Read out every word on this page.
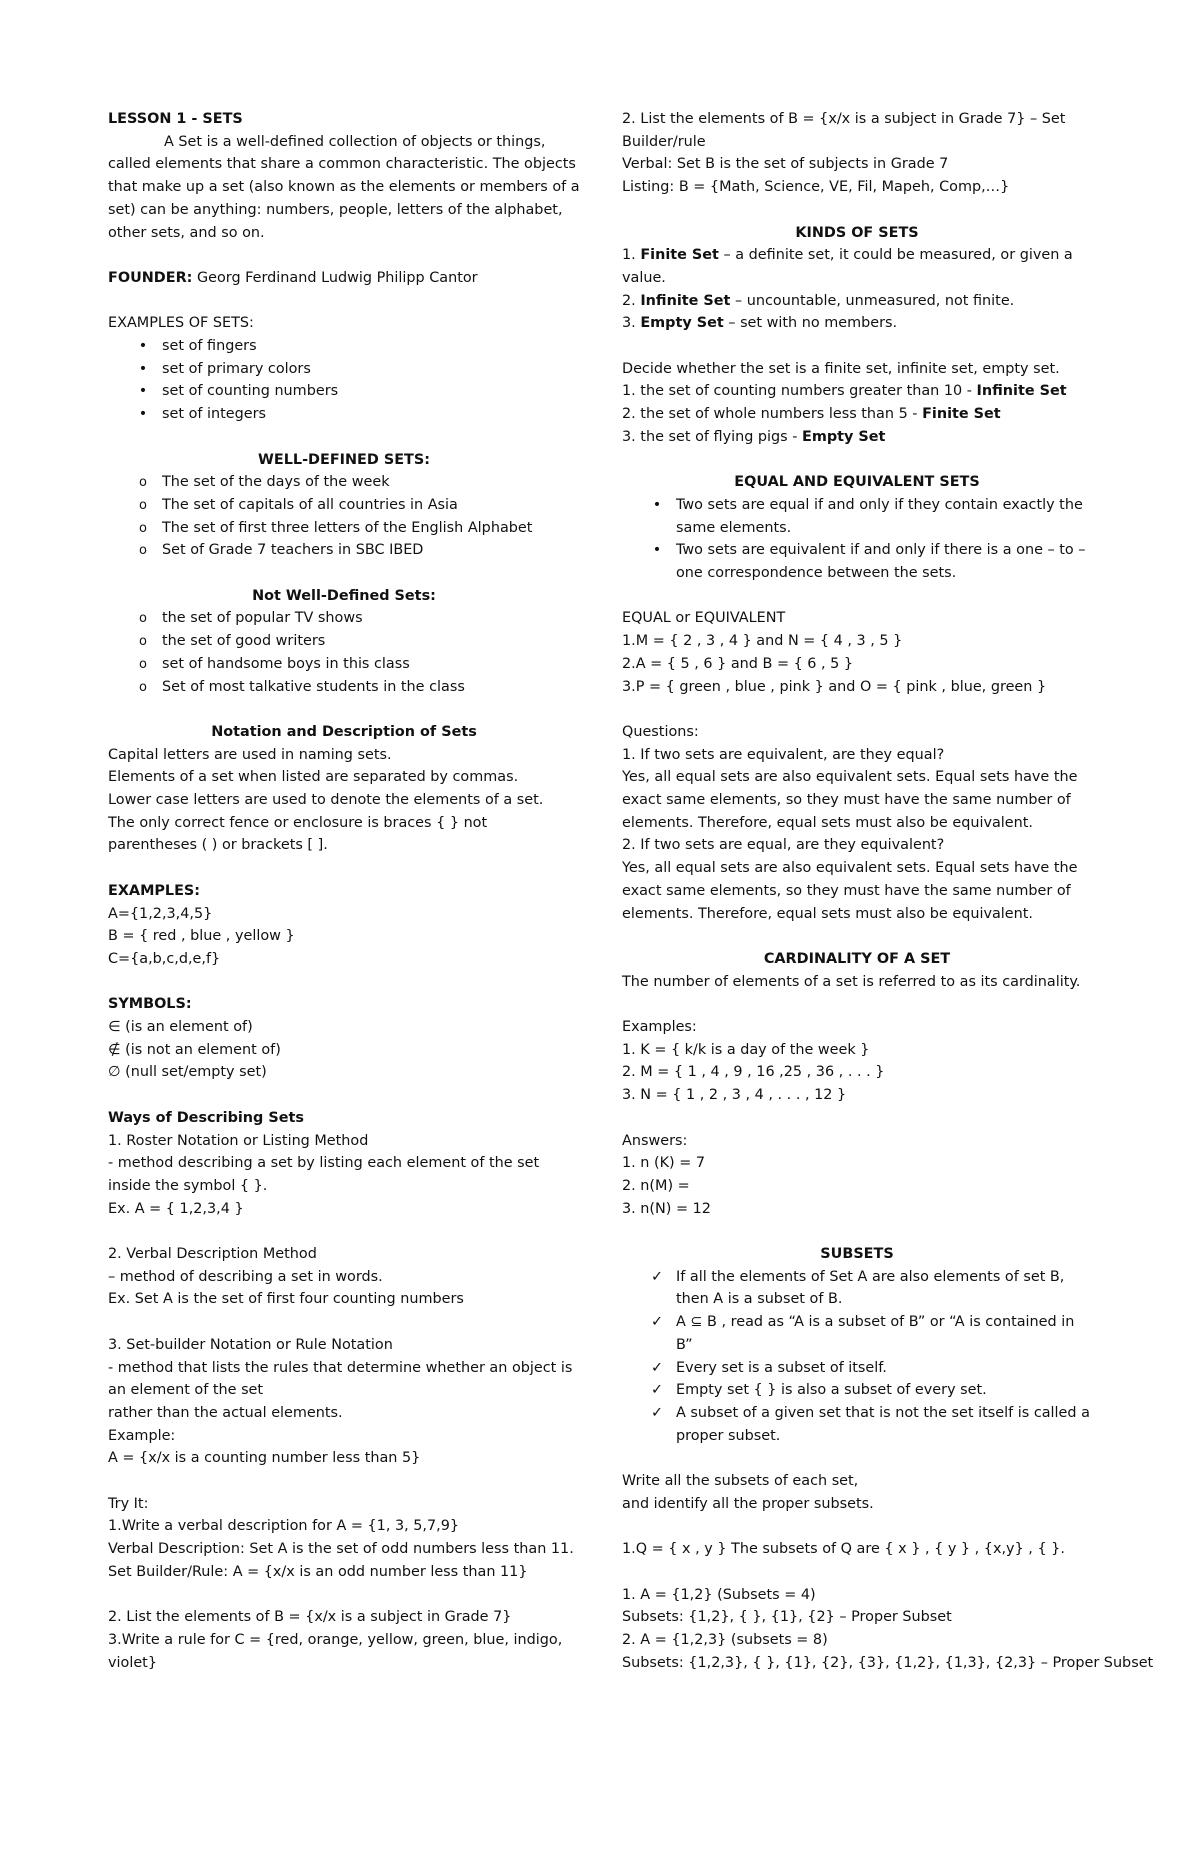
LESSON 1 - SETS

A Set is a well-defined collection of objects or things, called elements that share a common characteristic. The objects that make up a set (also known as the elements or members of a set) can be anything: numbers, people, letters of the alphabet, other sets, and so on.

FOUNDER: Georg Ferdinand Ludwig Philipp Cantor

EXAMPLES OF SETS:

•
set of fingers
•
set of primary colors
•
set of counting numbers
•
set of integers

WELL-DEFINED SETS:

o
The set of the days of the week
o
The set of capitals of all countries in Asia
o
The set of first three letters of the English Alphabet
o
Set of Grade 7 teachers in SBC IBED

Not Well-Defined Sets:

o
the set of popular TV shows
o
the set of good writers
o
set of handsome boys in this class
o
Set of most talkative students in the class

Notation and Description of Sets

Capital letters are used in naming sets.

Elements of a set when listed are separated by commas.

Lower case letters are used to denote the elements of a set.

The only correct fence or enclosure is braces { } not parentheses ( ) or brackets [ ].

EXAMPLES:

A={1,2,3,4,5}

B = { red , blue , yellow }

C={a,b,c,d,e,f}

SYMBOLS:

∈ (is an element of)

∉ (is not an element of)

∅ (null set/empty set)

Ways of Describing Sets

1. Roster Notation or Listing Method

- method describing a set by listing each element of the set inside the symbol { }.

Ex. A = { 1,2,3,4 }

2. Verbal Description Method

– method of describing a set in words.

Ex. Set A is the set of first four counting numbers

3. Set-builder Notation or Rule Notation

- method that lists the rules that determine whether an object is an element of the set

rather than the actual elements.

Example:

A = {x/x is a counting number less than 5}

Try It:

1.Write a verbal description for A = {1, 3, 5,7,9}

Verbal Description: Set A is the set of odd numbers less than 11.

Set Builder/Rule: A = {x/x is an odd number less than 11}

2. List the elements of B = {x/x is a subject in Grade 7}

3.Write a rule for C = {red, orange, yellow, green, blue, indigo, violet}

2. List the elements of B = {x/x is a subject in Grade 7} – Set Builder/rule

Verbal: Set B is the set of subjects in Grade 7

Listing: B = {Math, Science, VE, Fil, Mapeh, Comp,…}

KINDS OF SETS

1. Finite Set – a definite set, it could be measured, or given a value.

2. Infinite Set – uncountable, unmeasured, not finite.

3. Empty Set – set with no members.

Decide whether the set is a finite set, infinite set, empty set.

1. the set of counting numbers greater than 10 - Infinite Set

2. the set of whole numbers less than 5 - Finite Set

3. the set of flying pigs - Empty Set

EQUAL AND EQUIVALENT SETS

•
Two sets are equal if and only if they contain exactly the same elements.
•
Two sets are equivalent if and only if there is a one – to – one correspondence between the sets.

EQUAL or EQUIVALENT

1.M = { 2 , 3 , 4 } and N = { 4 , 3 , 5 }

2.A = { 5 , 6 } and B = { 6 , 5 }

3.P = { green , blue , pink } and O = { pink , blue, green }

Questions:

1. If two sets are equivalent, are they equal?

Yes, all equal sets are also equivalent sets. Equal sets have the exact same elements, so they must have the same number of elements. Therefore, equal sets must also be equivalent.

2. If two sets are equal, are they equivalent?

Yes, all equal sets are also equivalent sets. Equal sets have the exact same elements, so they must have the same number of elements. Therefore, equal sets must also be equivalent.

CARDINALITY OF A SET

The number of elements of a set is referred to as its cardinality.

Examples:

1. K = { k/k is a day of the week }

2. M = { 1 , 4 , 9 , 16 ,25 , 36 , . . . }

3. N = { 1 , 2 , 3 , 4 , . . . , 12 }

Answers:

1. n (K) = 7

2. n(M) =

3. n(N) = 12

SUBSETS

✓
If all the elements of Set A are also elements of set B, then A is a subset of B.
✓
A ⊆ B , read as “A is a subset of B” or “A is contained in B”
✓
Every set is a subset of itself.
✓
Empty set { } is also a subset of every set.
✓
A subset of a given set that is not the set itself is called a proper subset.

Write all the subsets of each set,

and identify all the proper subsets.

1.Q = { x , y } The subsets of Q are { x } , { y } , {x,y} , { }.

1. A = {1,2} (Subsets = 4)

Subsets: {1,2}, { }, {1}, {2} – Proper Subset

2. A = {1,2,3} (subsets = 8)

Subsets: {1,2,3}, { }, {1}, {2}, {3}, {1,2}, {1,3}, {2,3} – Proper Subset
